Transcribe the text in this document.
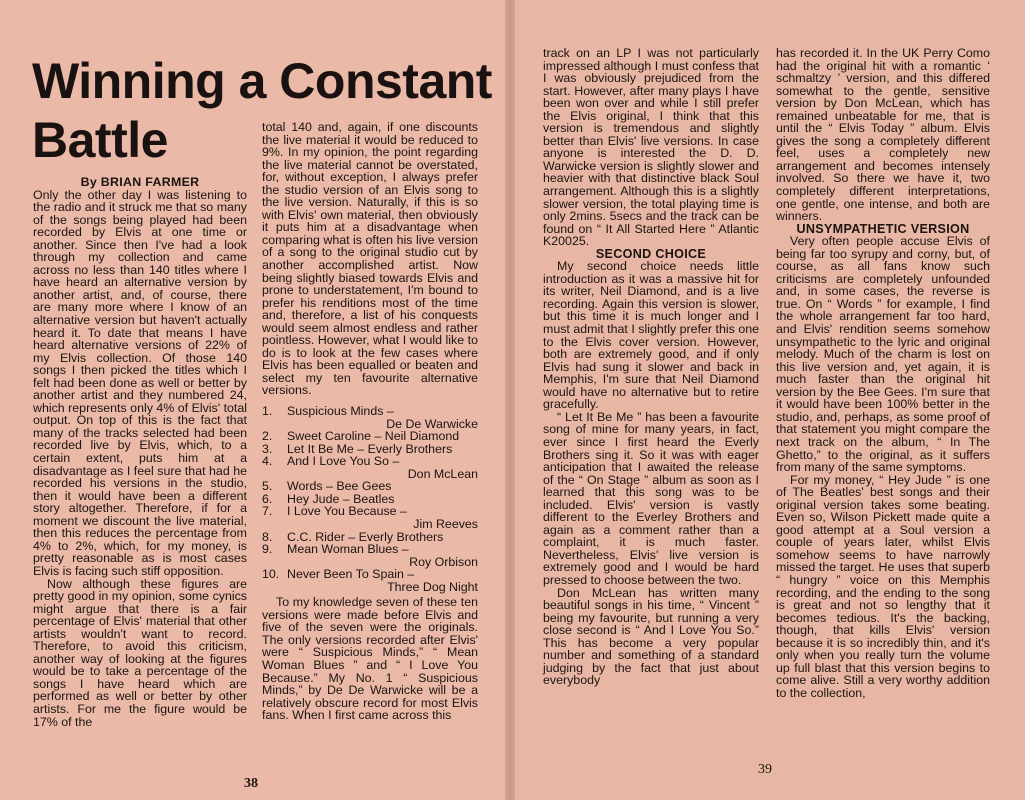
Winning a Constant Battle

By BRIAN FARMER

Only the other day I was listening to the radio and it struck me that so many of the songs being played had been recorded by Elvis at one time or another. Since then I've had a look through my collection and came across no less than 140 titles where I have heard an alternative version by another artist, and, of course, there are many more where I know of an alternative version but haven't actually heard it. To date that means I have heard alternative versions of 22% of my Elvis collection. Of those 140 songs I then picked the titles which I felt had been done as well or better by another artist and they numbered 24, which represents only 4% of Elvis' total output. On top of this is the fact that many of the tracks selected had been recorded live by Elvis, which, to a certain extent, puts him at a disadvantage as I feel sure that had he recorded his versions in the studio, then it would have been a different story altogether. Therefore, if for a moment we discount the live material, then this reduces the percentage from 4% to 2%, which, for my money, is pretty reasonable as is most cases Elvis is facing such stiff opposition.

Now although these figures are pretty good in my opinion, some cynics might argue that there is a fair percentage of Elvis' material that other artists wouldn't want to record. Therefore, to avoid this criticism, another way of looking at the figures would be to take a percentage of the songs I have heard which are performed as well or better by other artists. For me the figure would be 17% of the

total 140 and, again, if one discounts the live material it would be reduced to 9%. In my opinion, the point regarding the live material cannot be overstated, for, without exception, I always prefer the studio version of an Elvis song to the live version. Naturally, if this is so with Elvis' own material, then obviously it puts him at a disadvantage when comparing what is often his live version of a song to the original studio cut by another accomplished artist. Now being slightly biased towards Elvis and prone to understatement, I'm bound to prefer his renditions most of the time and, therefore, a list of his conquests would seem almost endless and rather pointless. However, what I would like to do is to look at the few cases where Elvis has been equalled or beaten and select my ten favourite alternative versions.

1. Suspicious Minds –
De De Warwicke
2. Sweet Caroline – Neil Diamond
3. Let It Be Me – Everly Brothers
4. And I Love You So –
Don McLean
5. Words – Bee Gees
6. Hey Jude – Beatles
7. I Love You Because –
Jim Reeves
8. C.C. Rider – Everly Brothers
9. Mean Woman Blues –
Roy Orbison
10. Never Been To Spain –
Three Dog Night

To my knowledge seven of these ten versions were made before Elvis and five of the seven were the originals. The only versions recorded after Elvis' were “ Suspicious Minds,” “ Mean Woman Blues ” and “ I Love You Because.” My No. 1 “ Suspicious Minds,” by De De Warwicke will be a relatively obscure record for most Elvis fans. When I first came across this

track on an LP I was not particularly impressed although I must confess that I was obviously prejudiced from the start. However, after many plays I have been won over and while I still prefer the Elvis original, I think that this version is tremendous and slightly better than Elvis' live versions. In case anyone is interested the D. D. Warwicke version is slightly slower and heavier with that distinctive black Soul arrangement. Although this is a slightly slower version, the total playing time is only 2mins. 5secs and the track can be found on “ It All Started Here ” Atlantic K20025.

SECOND CHOICE

My second choice needs little introduction as it was a massive hit for its writer, Neil Diamond, and is a live recording. Again this version is slower, but this time it is much longer and I must admit that I slightly prefer this one to the Elvis cover version. However, both are extremely good, and if only Elvis had sung it slower and back in Memphis, I'm sure that Neil Diamond would have no alternative but to retire gracefully.

“ Let It Be Me ” has been a favourite song of mine for many years, in fact, ever since I first heard the Everly Brothers sing it. So it was with eager anticipation that I awaited the release of the “ On Stage ” album as soon as I learned that this song was to be included. Elvis' version is vastly different to the Everley Brothers and again as a comment rather than a complaint, it is much faster. Nevertheless, Elvis' live version is extremely good and I would be hard pressed to choose between the two.

Don McLean has written many beautiful songs in his time, “ Vincent ” being my favourite, but running a very close second is “ And I Love You So.” This has become a very popular number and something of a standard judging by the fact that just about everybody

has recorded it. In the UK Perry Como had the original hit with a romantic ‘ schmaltzy ’ version, and this differed somewhat to the gentle, sensitive version by Don McLean, which has remained unbeatable for me, that is until the “ Elvis Today ” album. Elvis gives the song a completely different feel, uses a completely new arrangement and becomes intensely involved. So there we have it, two completely different interpretations, one gentle, one intense, and both are winners.

UNSYMPATHETIC VERSION

Very often people accuse Elvis of being far too syrupy and corny, but, of course, as all fans know such criticisms are completely unfounded and, in some cases, the reverse is true. On “ Words ” for example, I find the whole arrangement far too hard, and Elvis' rendition seems somehow unsympathetic to the lyric and original melody. Much of the charm is lost on this live version and, yet again, it is much faster than the original hit version by the Bee Gees. I'm sure that it would have been 100% better in the studio, and, perhaps, as some proof of that statement you might compare the next track on the album, “ In The Ghetto,” to the original, as it suffers from many of the same symptoms.

For my money, “ Hey Jude ” is one of The Beatles' best songs and their original version takes some beating. Even so, Wilson Pickett made quite a good attempt at a Soul version a couple of years later, whilst Elvis somehow seems to have narrowly missed the target. He uses that superb “ hungry ” voice on this Memphis recording, and the ending to the song is great and not so lengthy that it becomes tedious. It's the backing, though, that kills Elvis' version because it is so incredibly thin, and it's only when you really turn the volume up full blast that this version begins to come alive. Still a very worthy addition to the collection,

38
39
